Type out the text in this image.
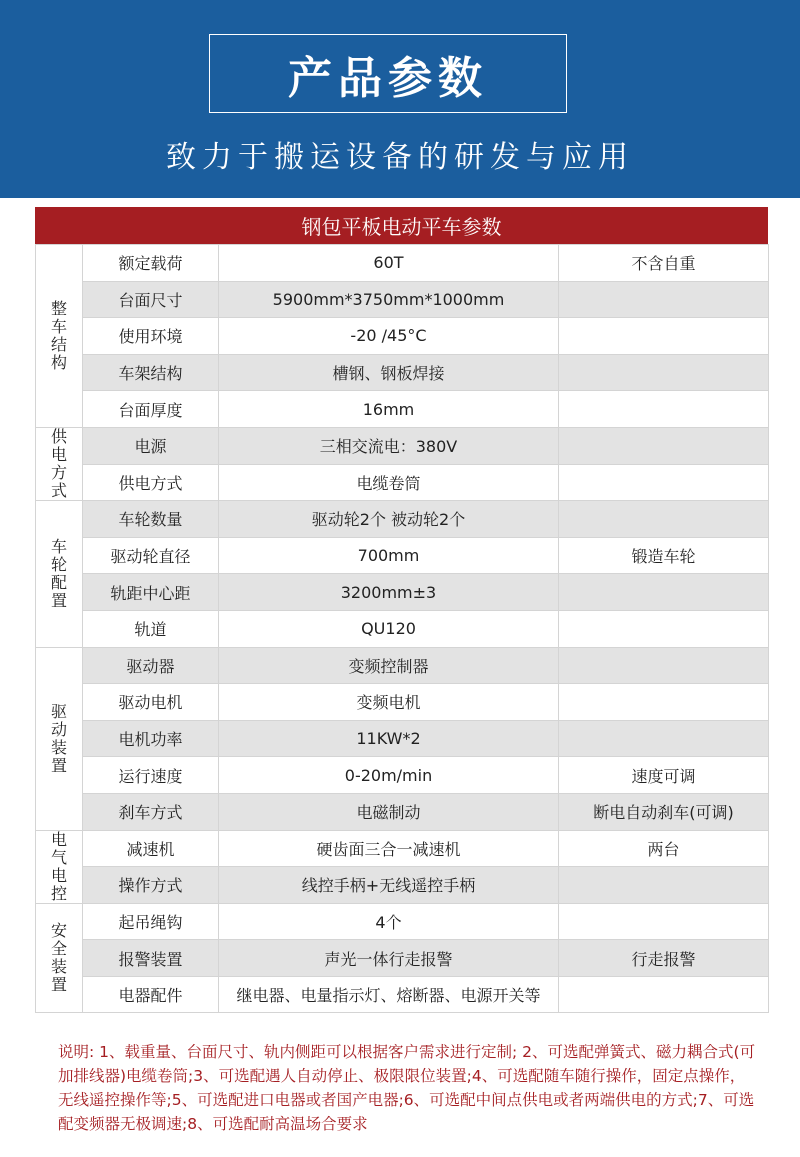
产品参数
致力于搬运设备的研发与应用
钢包平板电动平车参数
整
车
结
构	额定载荷	60T	不含自重
	台面尺寸	5900mm*3750mm*1000mm	
	使用环境	-20 /45°C	
	车架结构	槽钢、钢板焊接	
	台面厚度	16mm	

供
电
方
式	电源	三相交流电：380V	
	供电方式	电缆卷筒	

车
轮
配
置	车轮数量	驱动轮2个 被动轮2个	
	驱动轮直径	700mm	锻造车轮
	轨距中心距	3200mm±3	
	轨道	QU120	

驱
动
装
置	驱动器	变频控制器	
	驱动电机	变频电机	
	电机功率	11KW*2	
	运行速度	0-20m/min	速度可调
	刹车方式	电磁制动	断电自动刹车(可调)

电
气
电
控	减速机	硬齿面三合一减速机	两台
	操作方式	线控手柄+无线遥控手柄	

安
全
装
置	起吊绳钩	4个	
	报警装置	声光一体行走报警	行走报警
	电器配件	继电器、电量指示灯、熔断器、电源开关等	
说明: 1、载重量、台面尺寸、轨内侧距可以根据客户需求进行定制; 2、可选配弹簧式、磁力耦合式(可加排线器)电缆卷筒;3、可选配遇人自动停止、极限限位装置;4、可选配随车随行操作，固定点操作，无线遥控操作等;5、可选配进口电器或者国产电器;6、可选配中间点供电或者两端供电的方式;7、可选配变频器无极调速;8、可选配耐高温场合要求
